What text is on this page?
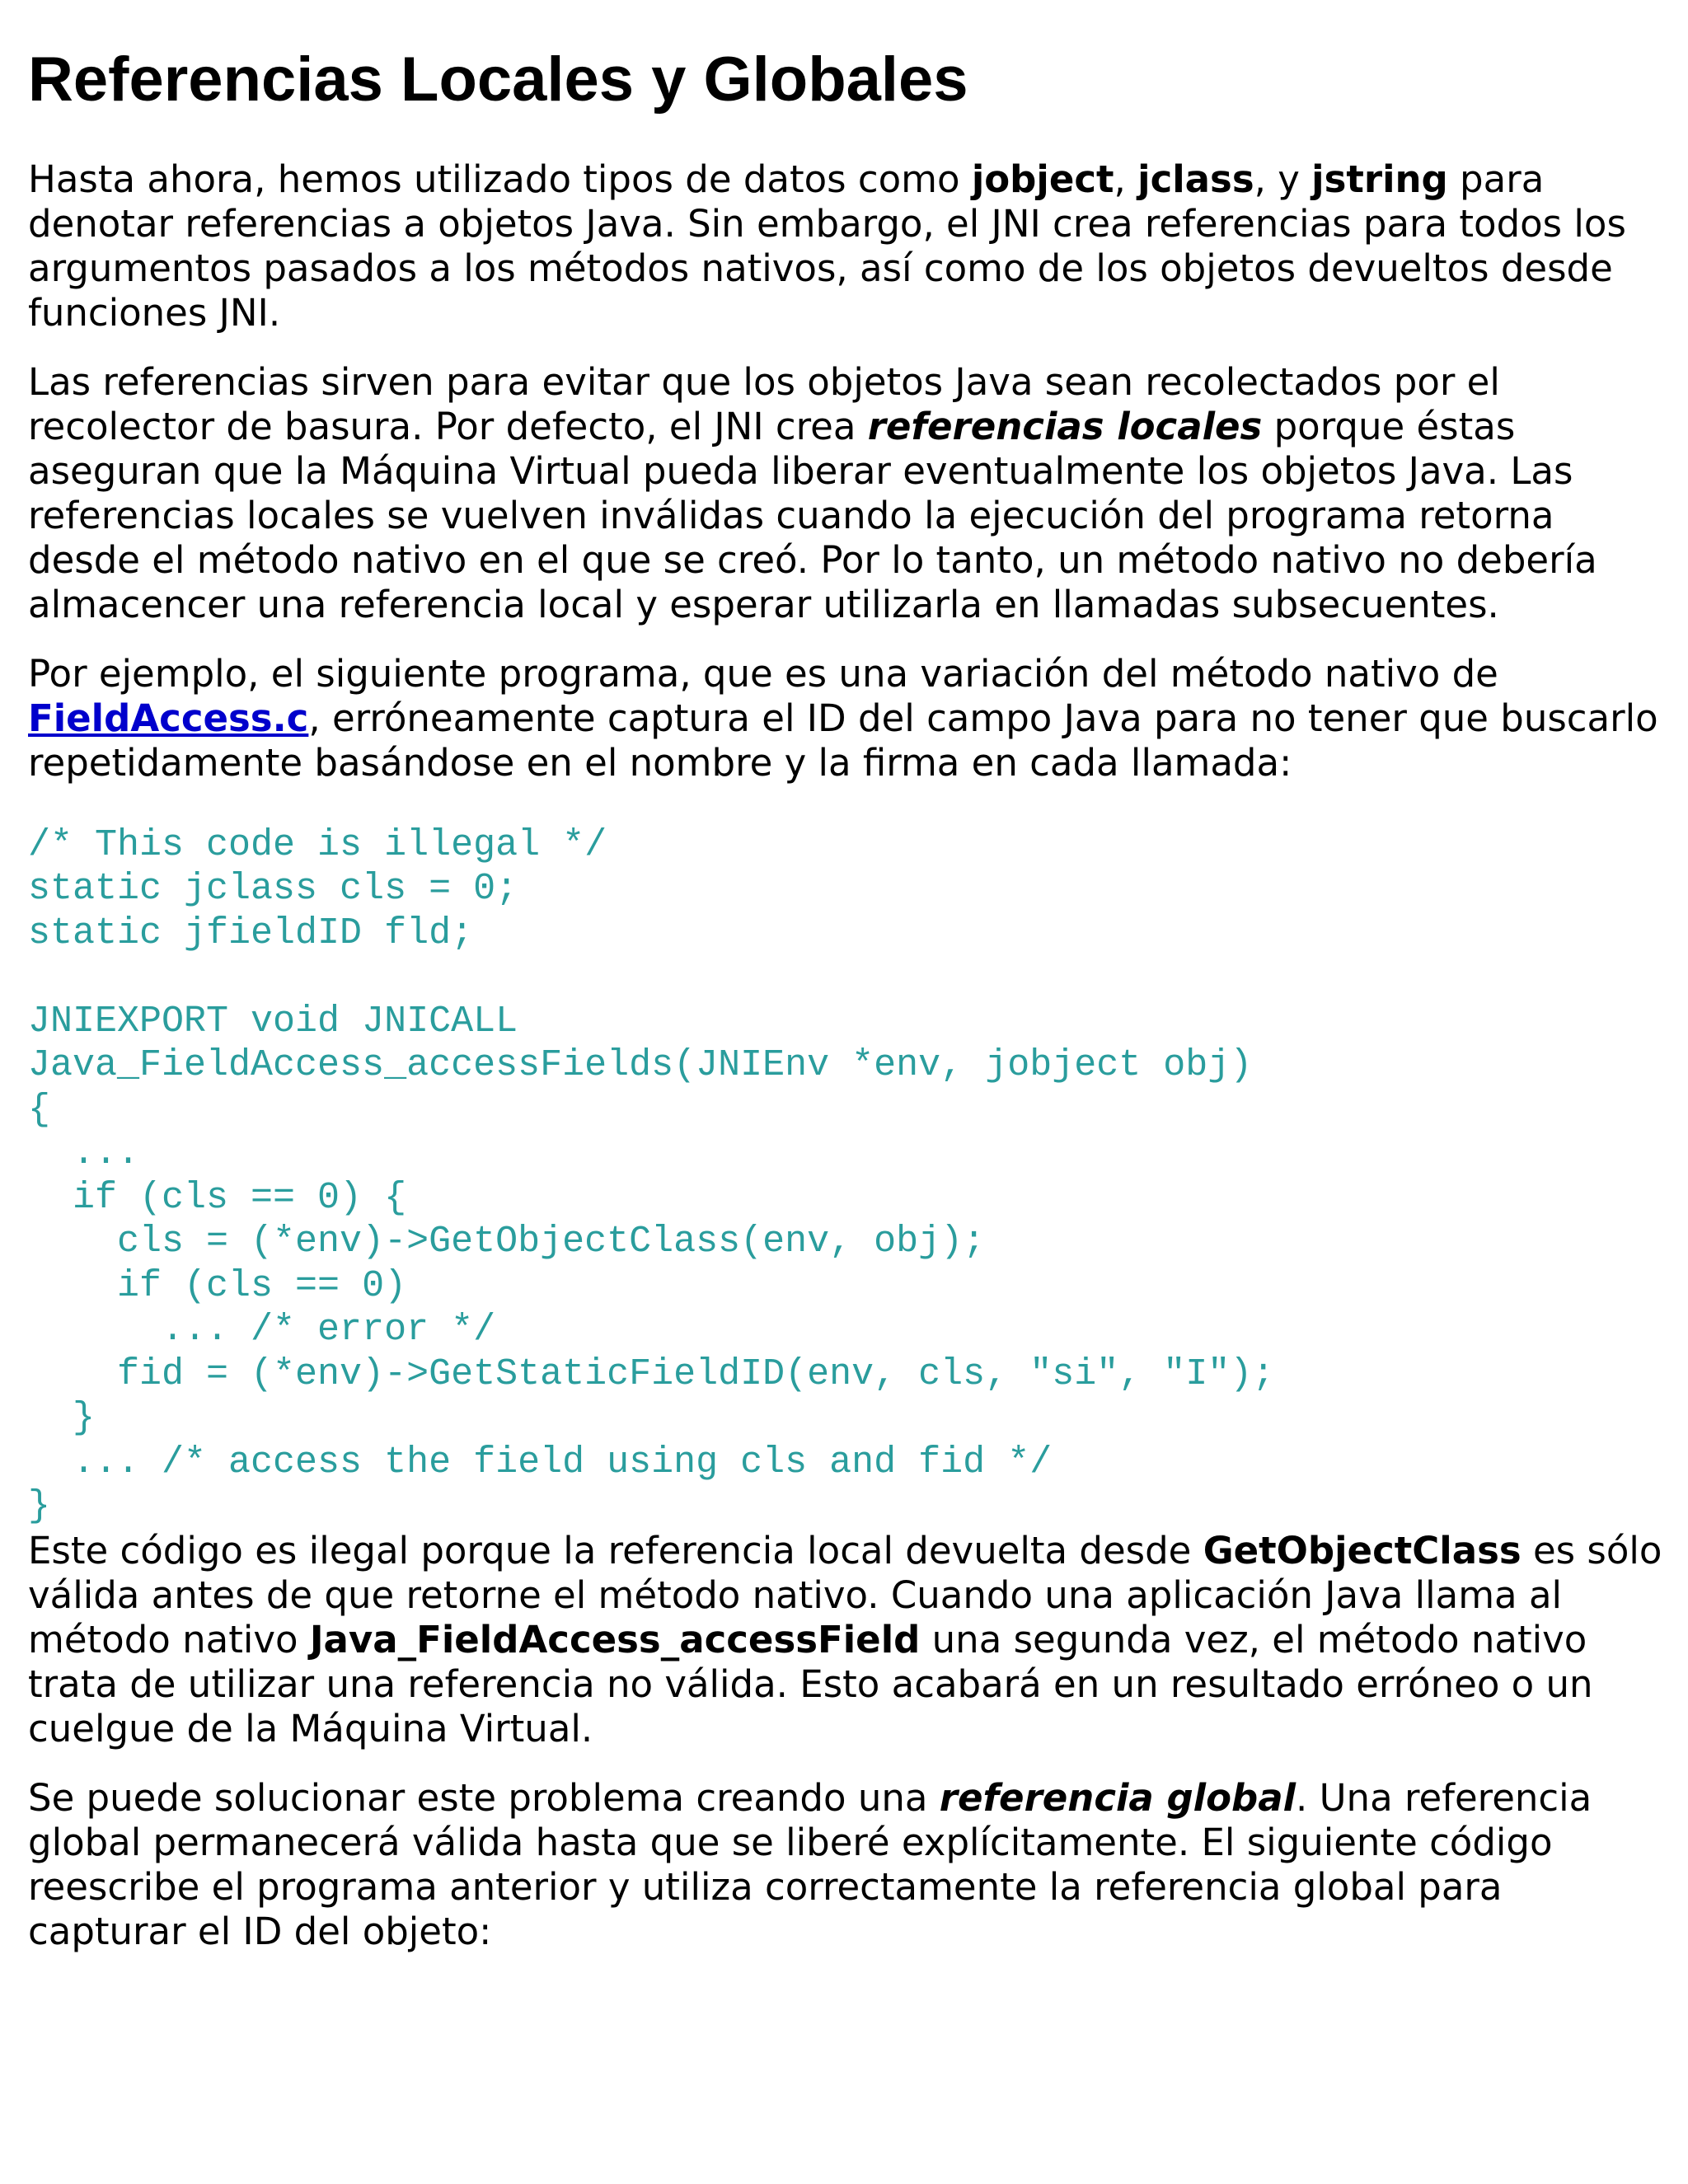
Referencias Locales y Globales

Hasta ahora, hemos utilizado tipos de datos como jobject, jclass, y jstring para denotar referencias a objetos Java. Sin embargo, el JNI crea referencias para todos los argumentos pasados a los métodos nativos, así como de los objetos devueltos desde funciones JNI.

Las referencias sirven para evitar que los objetos Java sean recolectados por el recolector de basura. Por defecto, el JNI crea referencias locales porque éstas aseguran que la Máquina Virtual pueda liberar eventualmente los objetos Java. Las referencias locales se vuelven inválidas cuando la ejecución del programa retorna desde el método nativo en el que se creó. Por lo tanto, un método nativo no debería almacencer una referencia local y esperar utilizarla en llamadas subsecuentes.

Por ejemplo, el siguiente programa, que es una variación del método nativo de FieldAccess.c, erróneamente captura el ID del campo Java para no tener que buscarlo repetidamente basándose en el nombre y la firma en cada llamada:

/* This code is illegal */
static jclass cls = 0;
static jfieldID fld;
JNIEXPORT void JNICALL
Java_FieldAccess_accessFields(JNIEnv *env, jobject obj)
{
...
if (cls == 0) {
cls = (*env)->GetObjectClass(env, obj);
if (cls == 0)
... /* error */
fid = (*env)->GetStaticFieldID(env, cls, "si", "I");
}
... /* access the field using cls and fid */
}

Este código es ilegal porque la referencia local devuelta desde GetObjectClass es sólo válida antes de que retorne el método nativo. Cuando una aplicación Java llama al método nativo Java_FieldAccess_accessField una segunda vez, el método nativo trata de utilizar una referencia no válida. Esto acabará en un resultado erróneo o un cuelgue de la Máquina Virtual.

Se puede solucionar este problema creando una referencia global. Una referencia global permanecerá válida hasta que se liberé explícitamente. El siguiente código reescribe el programa anterior y utiliza correctamente la referencia global para capturar el ID del objeto:
